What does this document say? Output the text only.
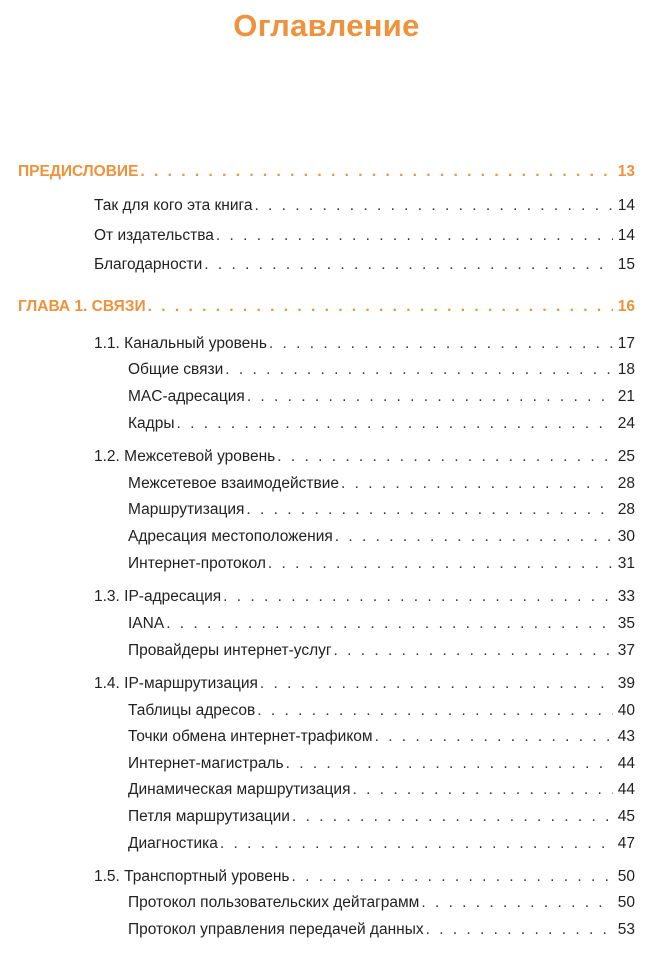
Оглавление
ПРЕДИСЛОВИЕ . . .	13
Так для кого эта книга . . .	14
От издательства . . .	14
Благодарности . . .	15
ГЛАВА 1. СВЯЗИ . . .	16
1.1. Канальный уровень . . .	17
Общие связи . . .	18
MAC-адресация . . .	21
Кадры . . .	24
1.2. Межсетевой уровень . . .	25
Межсетевое взаимодействие . . .	28
Маршрутизация . . .	28
Адресация местоположения . . .	30
Интернет-протокол . . .	31
1.3. IP-адресация . . .	33
IANA . . .	35
Провайдеры интернет-услуг . . .	37
1.4. IP-маршрутизация . . .	39
Таблицы адресов . . .	40
Точки обмена интернет-трафиком . . .	43
Интернет-магистраль . . .	44
Динамическая маршрутизация . . .	44
Петля маршрутизации . . .	45
Диагностика . . .	47
1.5. Транспортный уровень . . .	50
Протокол пользовательских дейтаграмм . . .	50
Протокол управления передачей данных . . .	53
